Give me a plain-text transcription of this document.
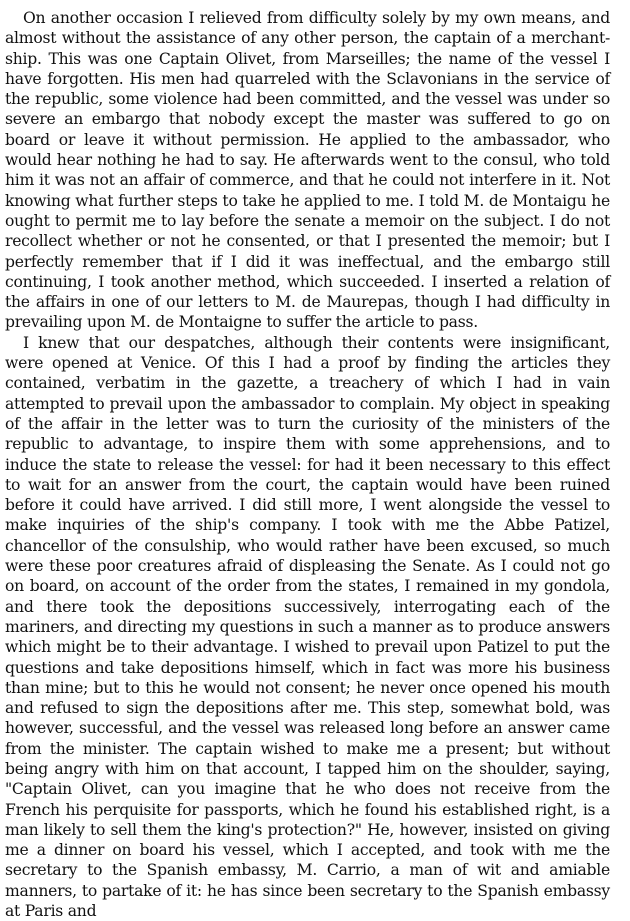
On another occasion I relieved from difficulty solely by my own means, and almost without the assistance of any other person, the captain of a merchant-ship. This was one Captain Olivet, from Marseilles; the name of the vessel I have forgotten. His men had quarreled with the Sclavonians in the service of the republic, some violence had been committed, and the vessel was under so severe an embargo that nobody except the master was suffered to go on board or leave it without permission. He applied to the ambassador, who would hear nothing he had to say. He afterwards went to the consul, who told him it was not an affair of commerce, and that he could not interfere in it. Not knowing what further steps to take he applied to me. I told M. de Montaigu he ought to permit me to lay before the senate a memoir on the subject. I do not recollect whether or not he consented, or that I presented the memoir; but I perfectly remember that if I did it was ineffectual, and the embargo still continuing, I took another method, which succeeded. I inserted a relation of the affairs in one of our letters to M. de Maurepas, though I had difficulty in prevailing upon M. de Montaigne to suffer the article to pass.

I knew that our despatches, although their contents were insignificant, were opened at Venice. Of this I had a proof by finding the articles they contained, verbatim in the gazette, a treachery of which I had in vain attempted to prevail upon the ambassador to complain. My object in speaking of the affair in the letter was to turn the curiosity of the ministers of the republic to advantage, to inspire them with some apprehensions, and to induce the state to release the vessel: for had it been necessary to this effect to wait for an answer from the court, the captain would have been ruined before it could have arrived. I did still more, I went alongside the vessel to make inquiries of the ship's company. I took with me the Abbe Patizel, chancellor of the consulship, who would rather have been excused, so much were these poor creatures afraid of displeasing the Senate. As I could not go on board, on account of the order from the states, I remained in my gondola, and there took the depositions successively, interrogating each of the mariners, and directing my questions in such a manner as to produce answers which might be to their advantage. I wished to prevail upon Patizel to put the questions and take depositions himself, which in fact was more his business than mine; but to this he would not consent; he never once opened his mouth and refused to sign the depositions after me. This step, somewhat bold, was however, successful, and the vessel was released long before an answer came from the minister. The captain wished to make me a present; but without being angry with him on that account, I tapped him on the shoulder, saying, "Captain Olivet, can you imagine that he who does not receive from the French his perquisite for passports, which he found his established right, is a man likely to sell them the king's protection?" He, however, insisted on giving me a dinner on board his vessel, which I accepted, and took with me the secretary to the Spanish embassy, M. Carrio, a man of wit and amiable manners, to partake of it: he has since been secretary to the Spanish embassy at Paris and
